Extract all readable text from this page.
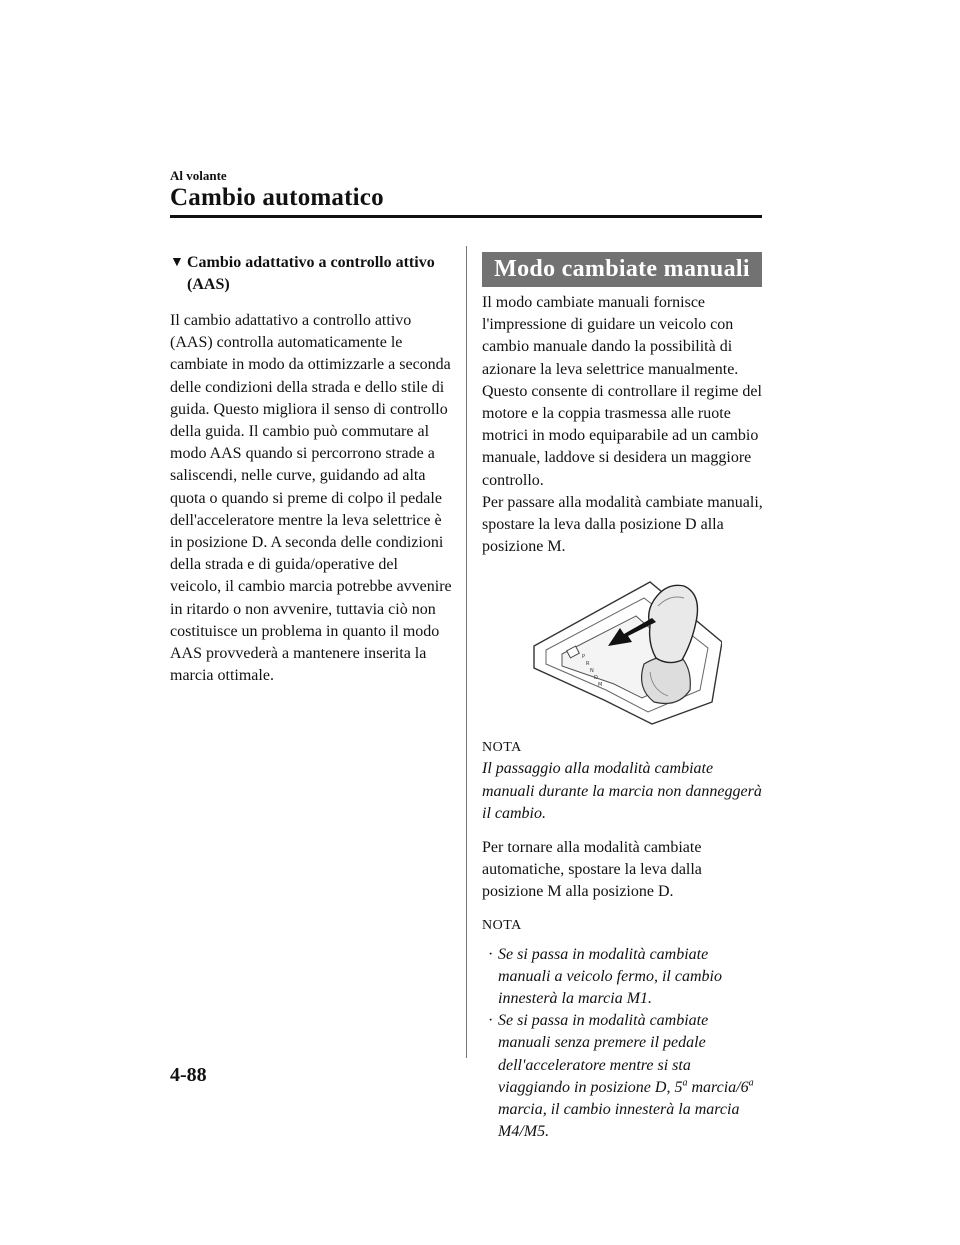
Al volante
Cambio automatico
▼ Cambio adattativo a controllo attivo (AAS)

Il cambio adattativo a controllo attivo (AAS) controlla automaticamente le cambiate in modo da ottimizzarle a seconda delle condizioni della strada e dello stile di guida. Questo migliora il senso di controllo della guida. Il cambio può commutare al modo AAS quando si percorrono strade a saliscendi, nelle curve, guidando ad alta quota o quando si preme di colpo il pedale dell'acceleratore mentre la leva selettrice è in posizione D. A seconda delle condizioni della strada e di guida/operative del veicolo, il cambio marcia potrebbe avvenire in ritardo o non avvenire, tuttavia ciò non costituisce un problema in quanto il modo AAS provvederà a mantenere inserita la marcia ottimale.

Modo cambiate manuali

Il modo cambiate manuali fornisce l'impressione di guidare un veicolo con cambio manuale dando la possibilità di azionare la leva selettrice manualmente. Questo consente di controllare il regime del motore e la coppia trasmessa alle ruote motrici in modo equiparabile ad un cambio manuale, laddove si desidera un maggiore controllo.

Per passare alla modalità cambiate manuali, spostare la leva dalla posizione D alla posizione M.

P
R
N
D
M
NOTA

Il passaggio alla modalità cambiate manuali durante la marcia non danneggerà il cambio.

Per tornare alla modalità cambiate automatiche, spostare la leva dalla posizione M alla posizione D.

NOTA
· Se si passa in modalità cambiate manuali a veicolo fermo, il cambio innesterà la marcia M1.
· Se si passa in modalità cambiate manuali senza premere il pedale dell'acceleratore mentre si sta viaggiando in posizione D, 5$^a$ marcia/6$^a$ marcia, il cambio innesterà la marcia M4/M5.
4-88
